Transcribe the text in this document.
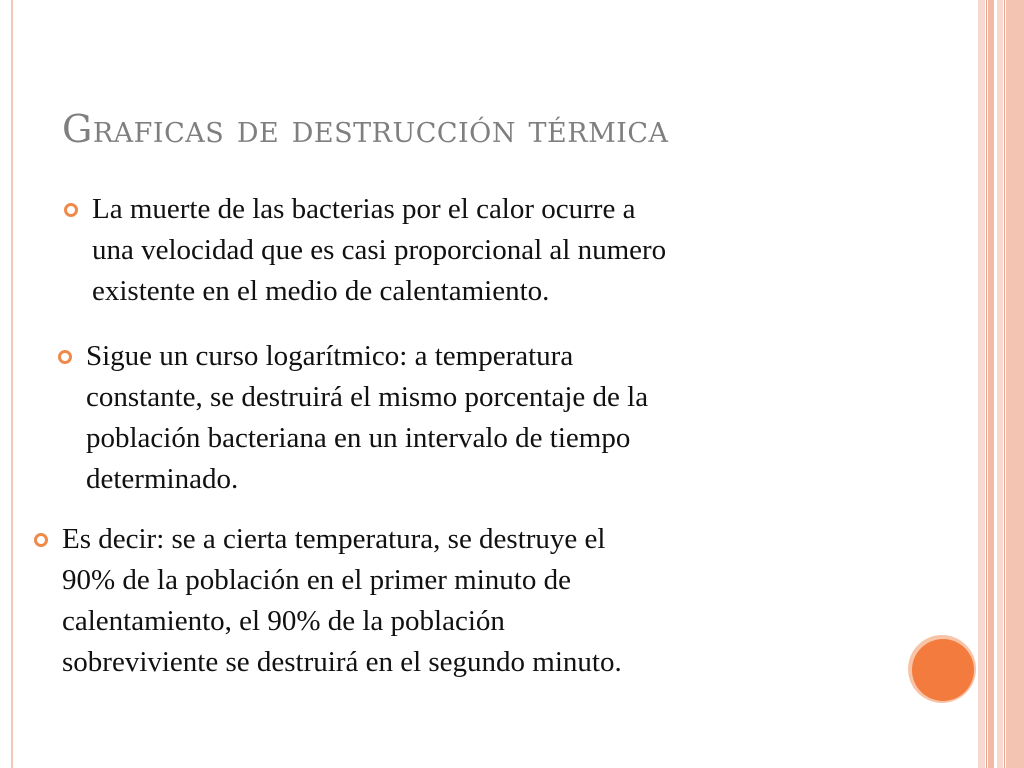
Graficas de destrucción térmica
La muerte de las bacterias por el calor ocurre a
una velocidad que es casi proporcional al numero
existente en el medio de calentamiento.
Sigue un curso logarítmico: a temperatura
constante, se destruirá el mismo porcentaje de la
población bacteriana en un intervalo de tiempo
determinado.
Es decir: se a cierta temperatura, se destruye el
90% de la población en el primer minuto de
calentamiento, el 90% de la población
sobreviviente se destruirá en el segundo minuto.
